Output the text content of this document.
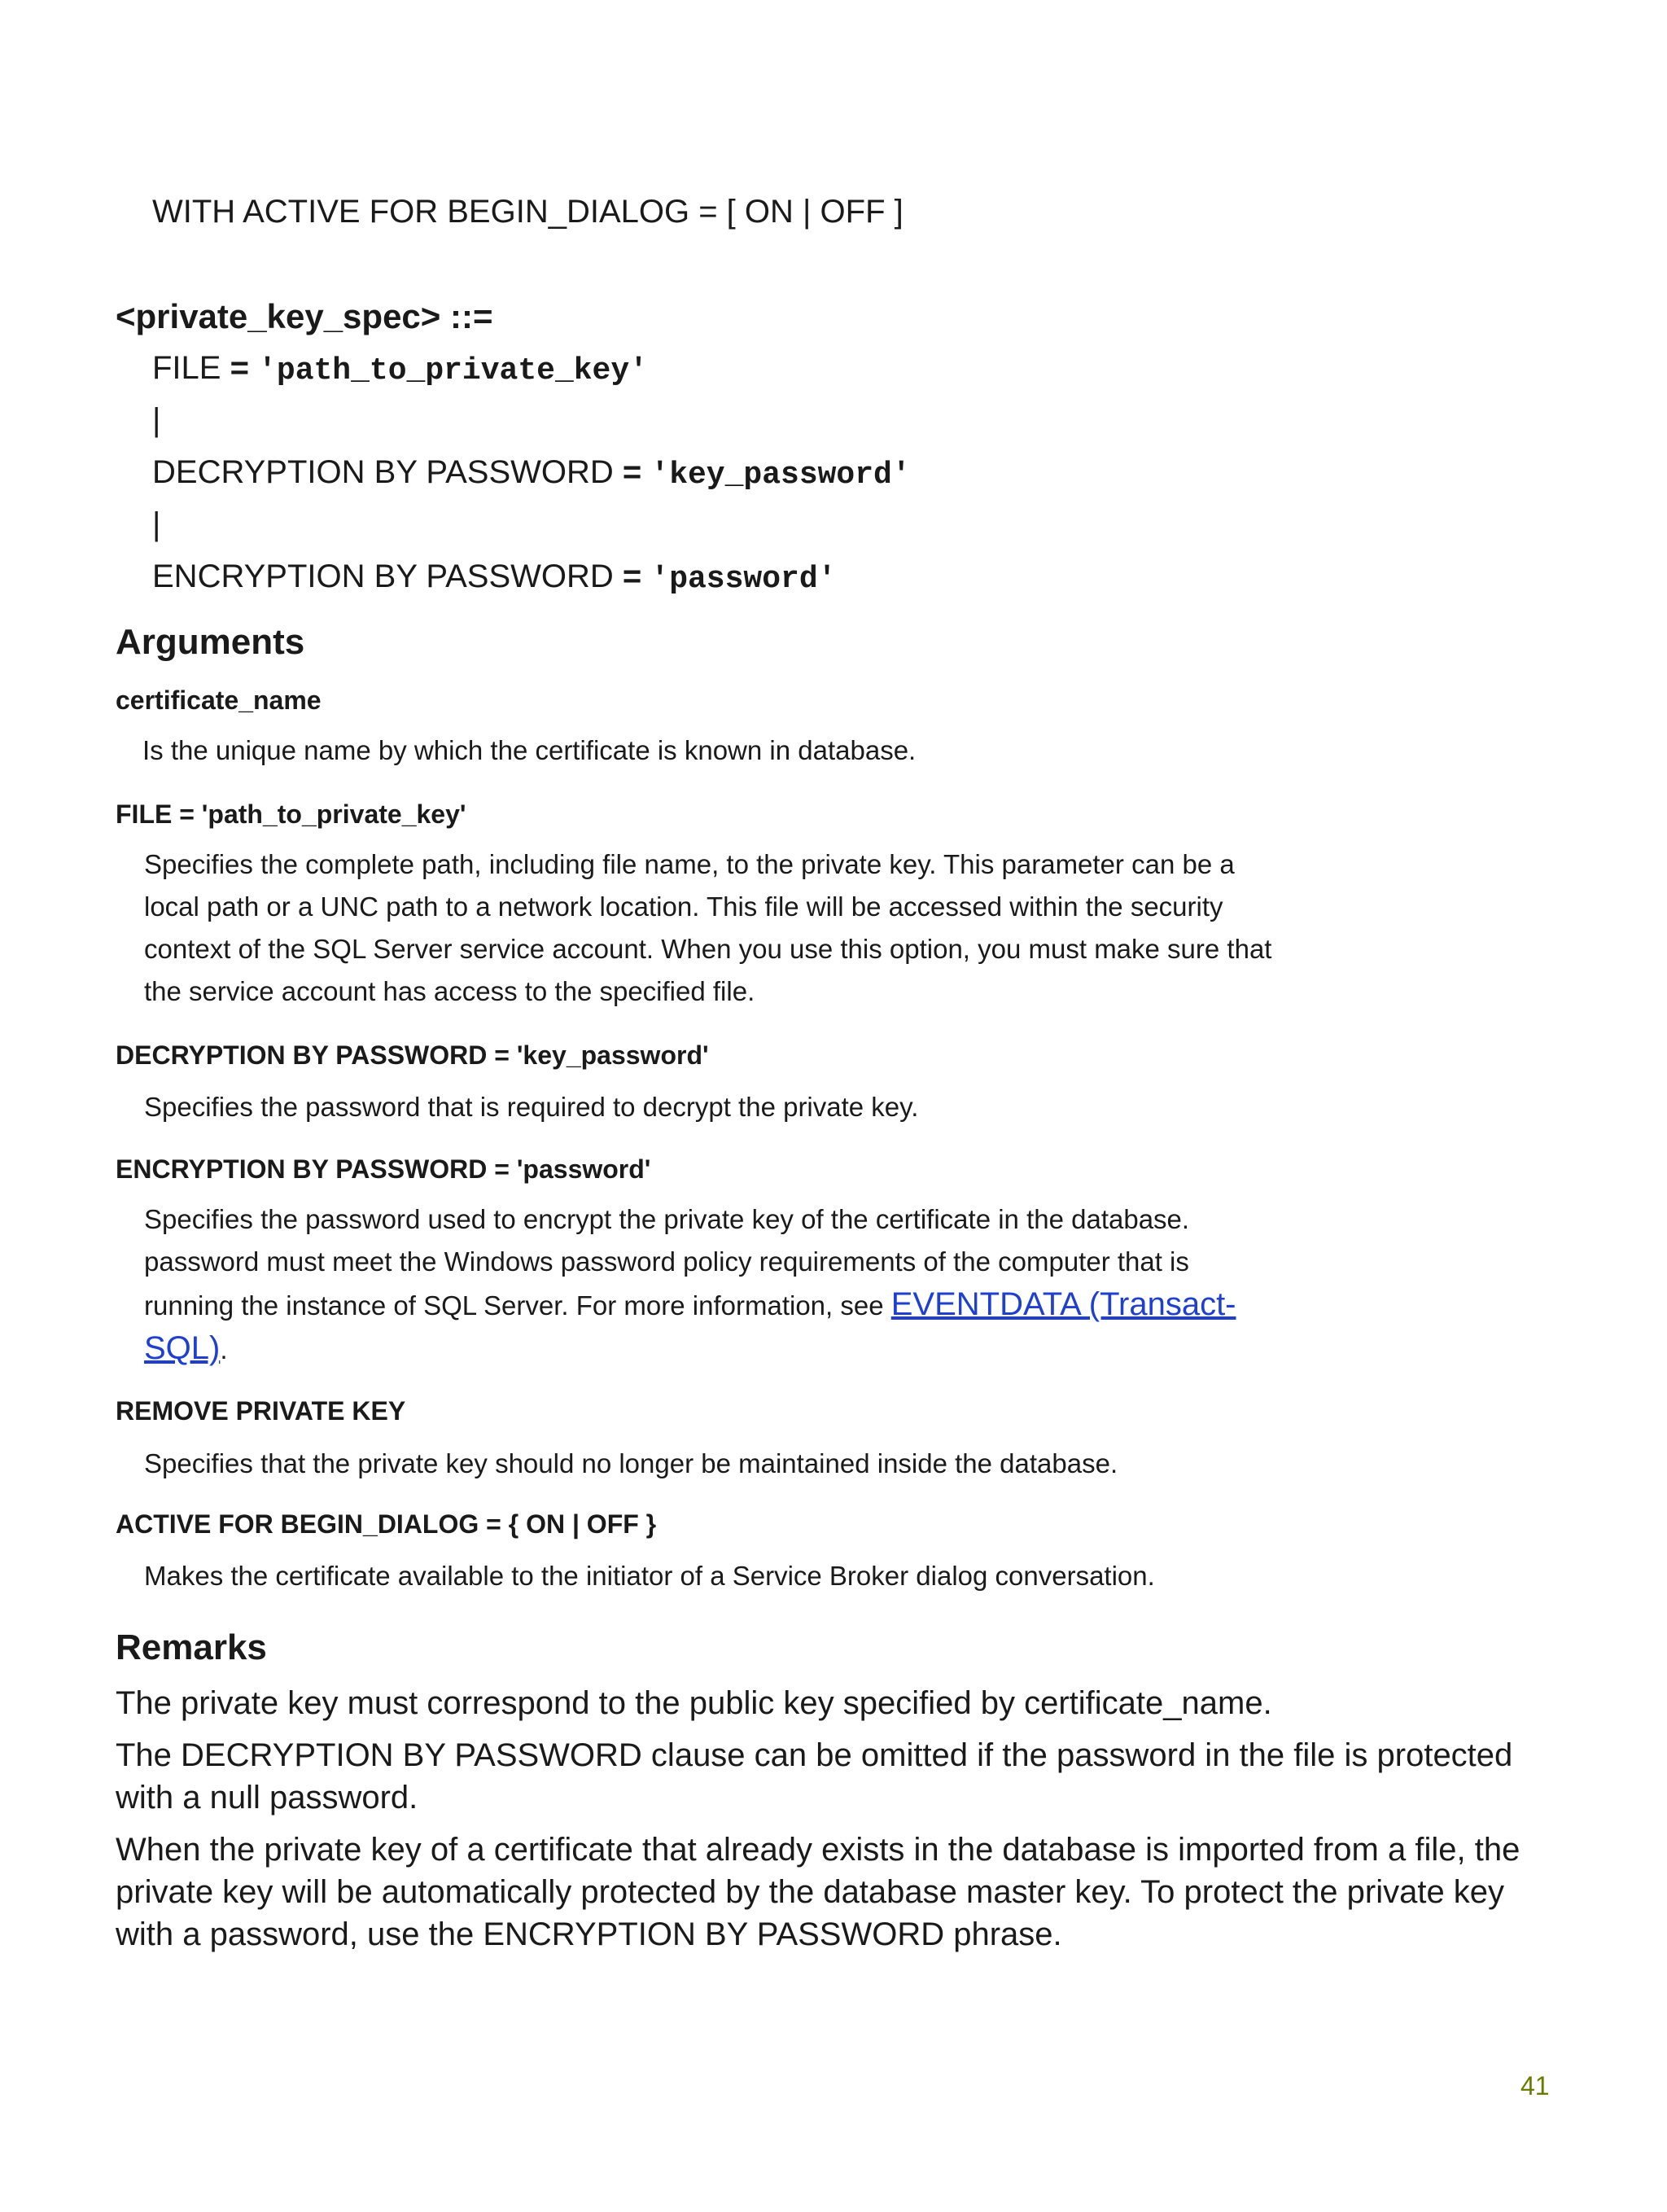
WITH ACTIVE FOR BEGIN_DIALOG = [ ON | OFF ]
<private_key_spec> ::=
FILE = 'path_to_private_key'
|
DECRYPTION BY PASSWORD = 'key_password'
|
ENCRYPTION BY PASSWORD = 'password'
Arguments
certificate_name
Is the unique name by which the certificate is known in database.
FILE = 'path_to_private_key'
Specifies the complete path, including file name, to the private key. This parameter can be a local path or a UNC path to a network location. This file will be accessed within the security context of the SQL Server service account. When you use this option, you must make sure that the service account has access to the specified file.
DECRYPTION BY PASSWORD = 'key_password'
Specifies the password that is required to decrypt the private key.
ENCRYPTION BY PASSWORD = 'password'
Specifies the password used to encrypt the private key of the certificate in the database. password must meet the Windows password policy requirements of the computer that is running the instance of SQL Server. For more information, see EVENTDATA (Transact-SQL).
REMOVE PRIVATE KEY
Specifies that the private key should no longer be maintained inside the database.
ACTIVE FOR BEGIN_DIALOG = { ON | OFF }
Makes the certificate available to the initiator of a Service Broker dialog conversation.
Remarks
The private key must correspond to the public key specified by certificate_name.
The DECRYPTION BY PASSWORD clause can be omitted if the password in the file is protected with a null password.
When the private key of a certificate that already exists in the database is imported from a file, the private key will be automatically protected by the database master key. To protect the private key with a password, use the ENCRYPTION BY PASSWORD phrase.
41
